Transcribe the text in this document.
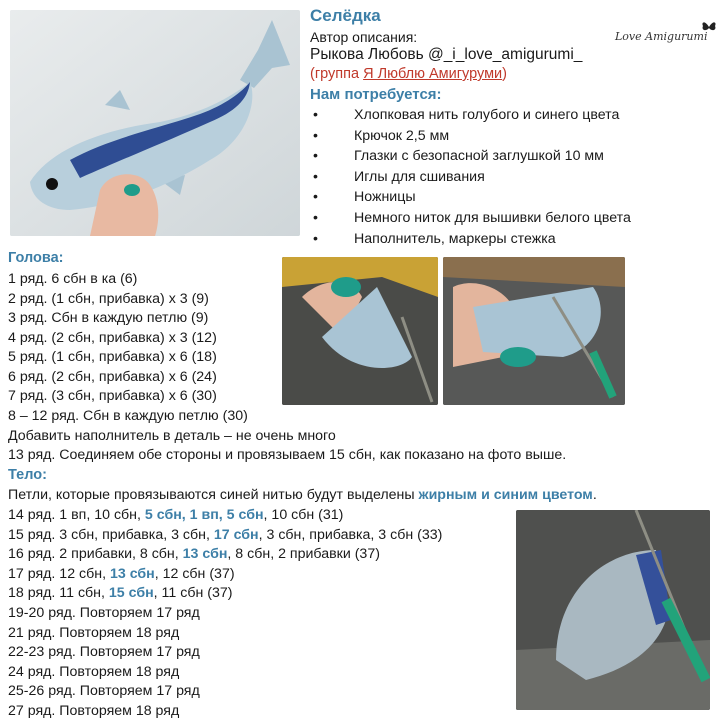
Селёдка
Автор описания:
Рыкова Любовь @_i_love_amigurumi_
(группа Я Люблю Амигуруми)
Love Amigurumi
Нам потребуется:
•	Хлопковая нить голубого и синего цвета
•	Крючок 2,5 мм
•	Глазки с безопасной заглушкой 10 мм
•	Иглы для сшивания
•	Ножницы
•	Немного ниток для вышивки белого цвета
•	Наполнитель, маркеры стежка
Голова:
1 ряд. 6 сбн в ка (6)
2 ряд. (1 сбн, прибавка) х 3 (9)
3 ряд. Сбн в каждую петлю (9)
4 ряд. (2 сбн, прибавка) х 3 (12)
5 ряд. (1 сбн, прибавка) х 6 (18)
6 ряд. (2 сбн, прибавка) х 6 (24)
7 ряд. (3 сбн, прибавка) х 6 (30)
8 – 12 ряд. Сбн в каждую петлю (30)
Добавить наполнитель в деталь – не очень много
13 ряд. Соединяем обе стороны и провязываем 15 сбн, как показано на фото выше.
Тело:
Петли, которые провязываются синей нитью будут выделены жирным и синим цветом.
14 ряд. 1 вп, 10 сбн, 5 сбн, 1 вп, 5 сбн, 10 сбн (31)
15 ряд. 3 сбн, прибавка, 3 сбн, 17 сбн, 3 сбн, прибавка, 3 сбн (33)
16 ряд. 2 прибавки, 8 сбн, 13 сбн, 8 сбн, 2 прибавки (37)
17 ряд. 12 сбн, 13 сбн, 12 сбн (37)
18 ряд. 11 сбн, 15 сбн, 11 сбн (37)
19-20 ряд. Повторяем 17 ряд
21 ряд. Повторяем 18 ряд
22-23 ряд. Повторяем 17 ряд
24 ряд. Повторяем 18 ряд
25-26 ряд. Повторяем 17 ряд
27 ряд. Повторяем 18 ряд
